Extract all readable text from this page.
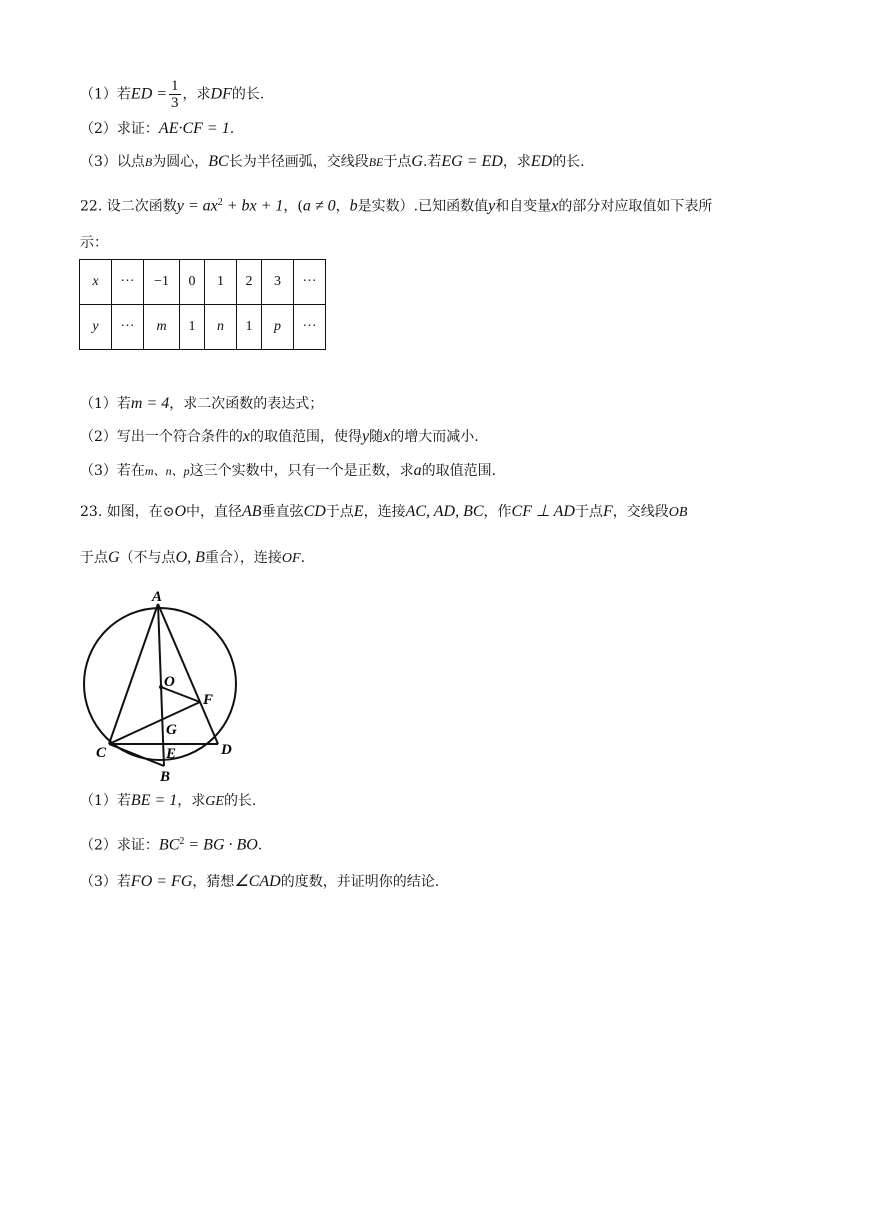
（1）若ED = $\frac{1}{3}$ ，求DF的长.
（2）求证：AE·CF = 1.
（3）以点B为圆心，BC长为半径画弧，交线段BE于点G.若EG = ED，求ED的长.
22. 设二次函数$y = ax^2$ + bx + 1，(a ≠ 0，b是实数）.已知函数值y和自变量x的部分对应取值如下表所
示：
x	···	−1	0	1	2	3	···
y	···	m	1	n	1	p	···
（1）若m = 4，求二次函数的表达式；
（2）写出一个符合条件的x的取值范围，使得y随x的增大而减小.
（3）若在m、n、p这三个实数中，只有一个是正数，求a的取值范围.
23. 如图，在⊙O中，直径AB垂直弦CD于点E，连接AC, AD, BC，作CF ⊥ AD于点F，交线段OB
于点G（不与点O, B重合），连接OF.
A
O
F
G
C	E	D
B
（1）若BE = 1，求GE的长.
（2）求证：$BC^2$ = BG · BO.
（3）若FO = FG，猜想∠CAD的度数，并证明你的结论.
